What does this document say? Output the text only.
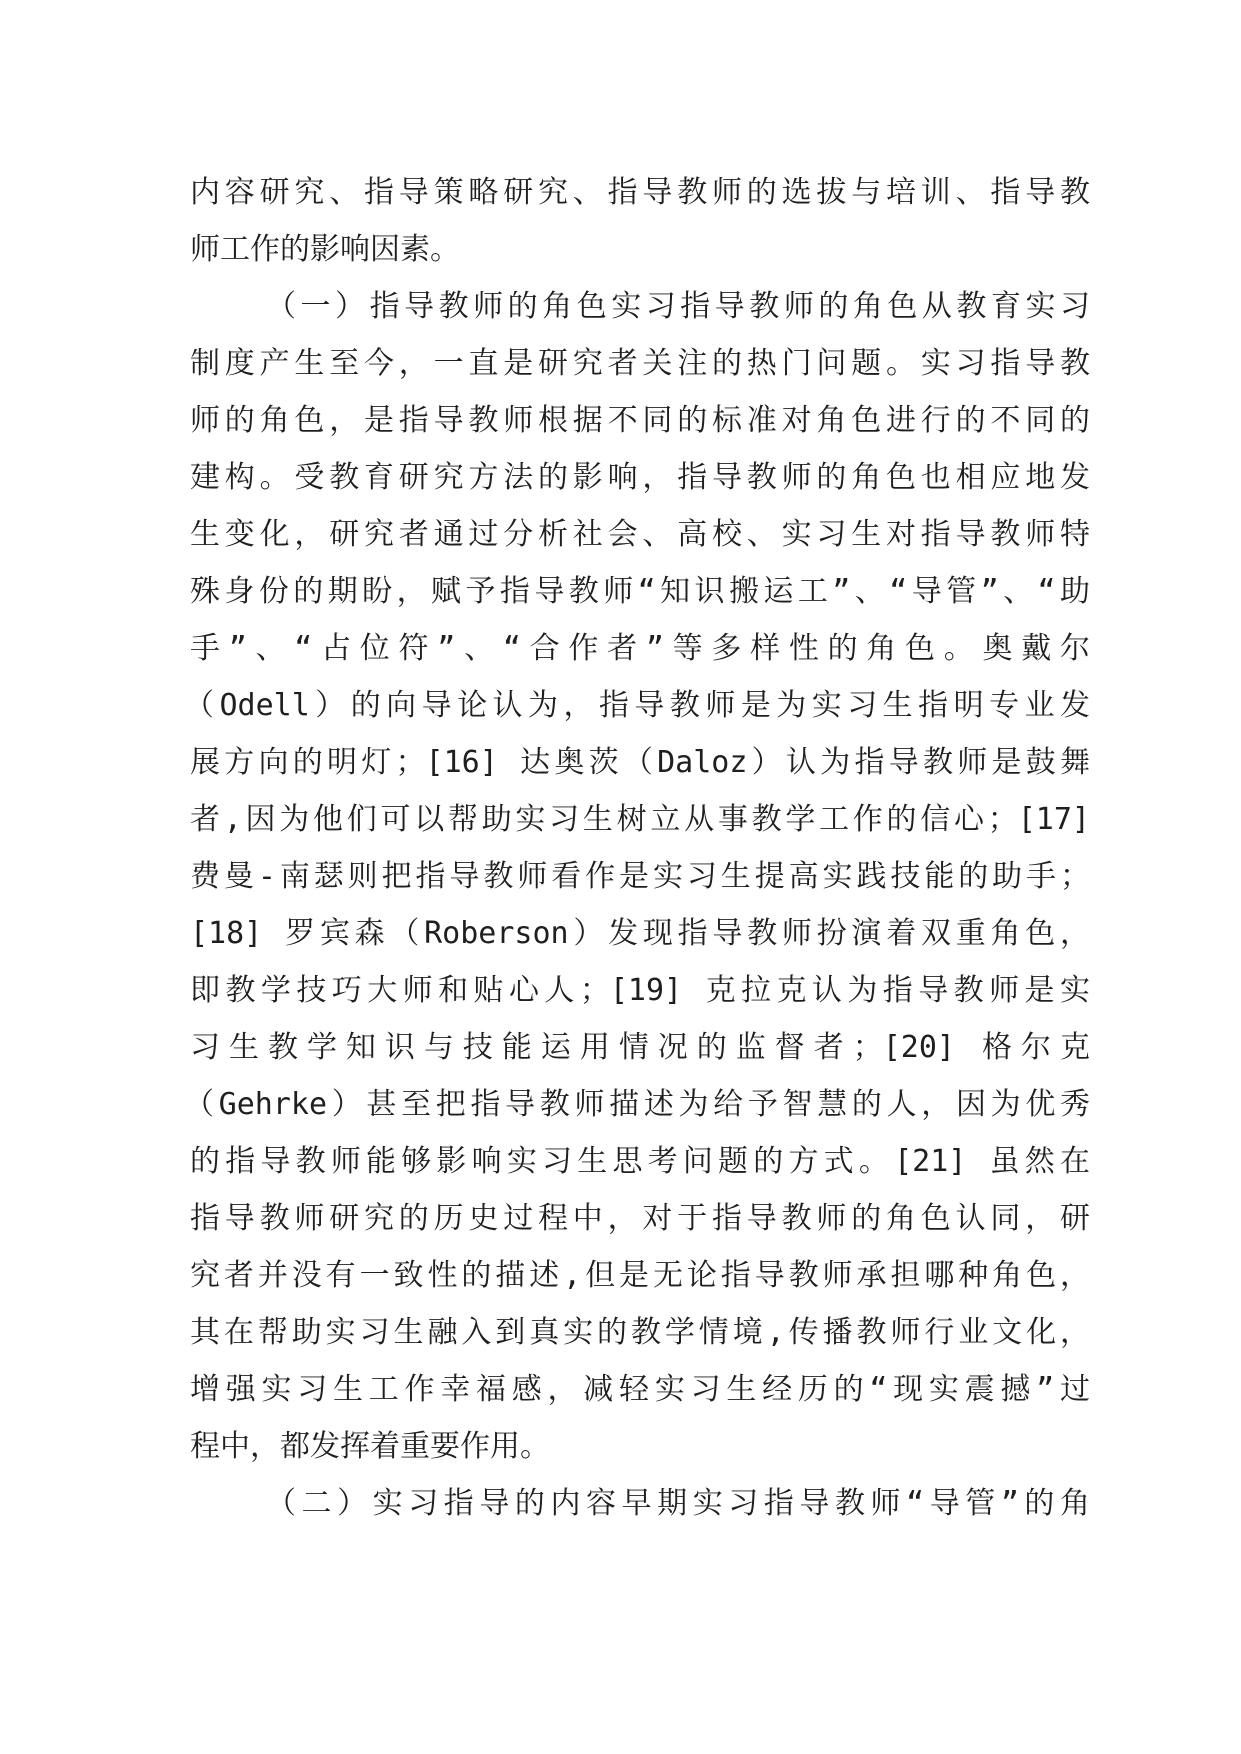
内容研究、指导策略研究、指导教师的选拔与培训、指导教
师工作的影响因素。
（一）指导教师的角色实习指导教师的角色从教育实习
制度产生至今，一直是研究者关注的热门问题。实习指导教
师的角色，是指导教师根据不同的标准对角色进行的不同的
建构。受教育研究方法的影响，指导教师的角色也相应地发
生变化，研究者通过分析社会、高校、实习生对指导教师特
殊身份的期盼，赋予指导教师“知识搬运工”、“导管”、“助
手”、“占位符”、“合作者”等多样性的角色。奥戴尔
（Odell）的向导论认为，指导教师是为实习生指明专业发
展方向的明灯；[16] 达奥茨（Daloz）认为指导教师是鼓舞
者,因为他们可以帮助实习生树立从事教学工作的信心；[17]
费曼-南瑟则把指导教师看作是实习生提高实践技能的助手；
[18] 罗宾森（Roberson）发现指导教师扮演着双重角色，
即教学技巧大师和贴心人；[19] 克拉克认为指导教师是实
习生教学知识与技能运用情况的监督者；[20] 格尔克
（Gehrke）甚至把指导教师描述为给予智慧的人，因为优秀
的指导教师能够影响实习生思考问题的方式。[21] 虽然在
指导教师研究的历史过程中，对于指导教师的角色认同，研
究者并没有一致性的描述,但是无论指导教师承担哪种角色，
其在帮助实习生融入到真实的教学情境,传播教师行业文化，
增强实习生工作幸福感，减轻实习生经历的“现实震撼”过
程中，都发挥着重要作用。
（二）实习指导的内容早期实习指导教师“导管”的角
